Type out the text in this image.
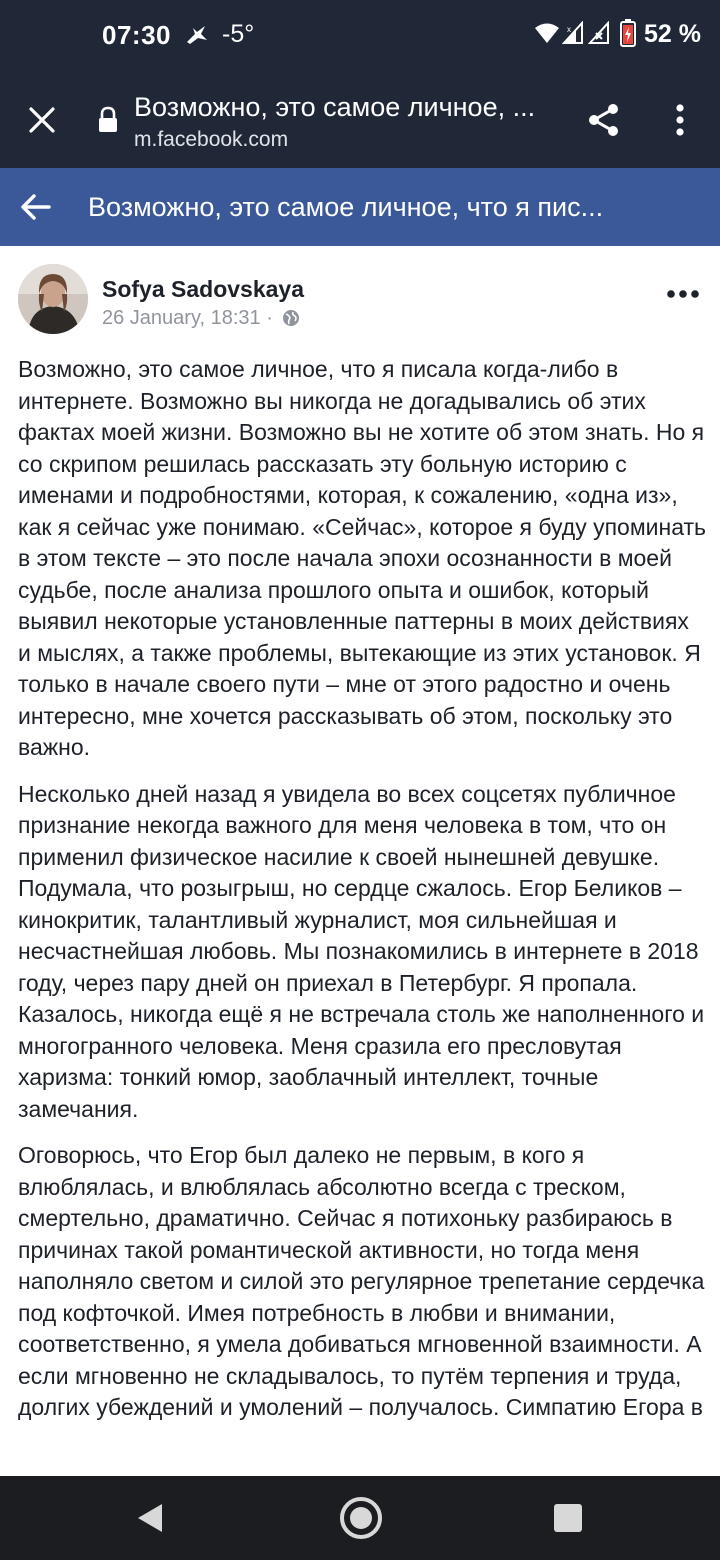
07:30 -5°	x	52 %
Возможно, это самое личное, ...
m.facebook.com
Возможно, это самое личное, что я пис...
Sofya Sadovskaya
26 January, 18:31 ·

Возможно, это самое личное, что я писала когда-либо в интернете. Возможно вы никогда не догадывались об этих фактах моей жизни. Возможно вы не хотите об этом знать. Но я со скрипом решилась рассказать эту больную историю с именами и подробностями, которая, к сожалению, «одна из», как я сейчас уже понимаю. «Сейчас», которое я буду упоминать в этом тексте – это после начала эпохи осознанности в моей судьбе, после анализа прошлого опыта и ошибок, который выявил некоторые установленные паттерны в моих действиях и мыслях, а также проблемы, вытекающие из этих установок. Я только в начале своего пути – мне от этого радостно и очень интересно, мне хочется рассказывать об этом, поскольку это важно.

Несколько дней назад я увидела во всех соцсетях публичное признание некогда важного для меня человека в том, что он применил физическое насилие к своей нынешней девушке. Подумала, что розыгрыш, но сердце сжалось. Егор Беликов – кинокритик, талантливый журналист, моя сильнейшая и несчастнейшая любовь. Мы познакомились в интернете в 2018 году, через пару дней он приехал в Петербург. Я пропала. Казалось, никогда ещё я не встречала столь же наполненного и многогранного человека. Меня сразила его пресловутая харизма: тонкий юмор, заоблачный интеллект, точные замечания.

Оговорюсь, что Егор был далеко не первым, в кого я влюблялась, и влюблялась абсолютно всегда с треском, смертельно, драматично. Сейчас я потихоньку разбираюсь в причинах такой романтической активности, но тогда меня наполняло светом и силой это регулярное трепетание сердечка под кофточкой. Имея потребность в любви и внимании, соответственно, я умела добиваться мгновенной взаимности. А если мгновенно не складывалось, то путём терпения и труда, долгих убеждений и умолений – получалось. Симпатию Егора в
